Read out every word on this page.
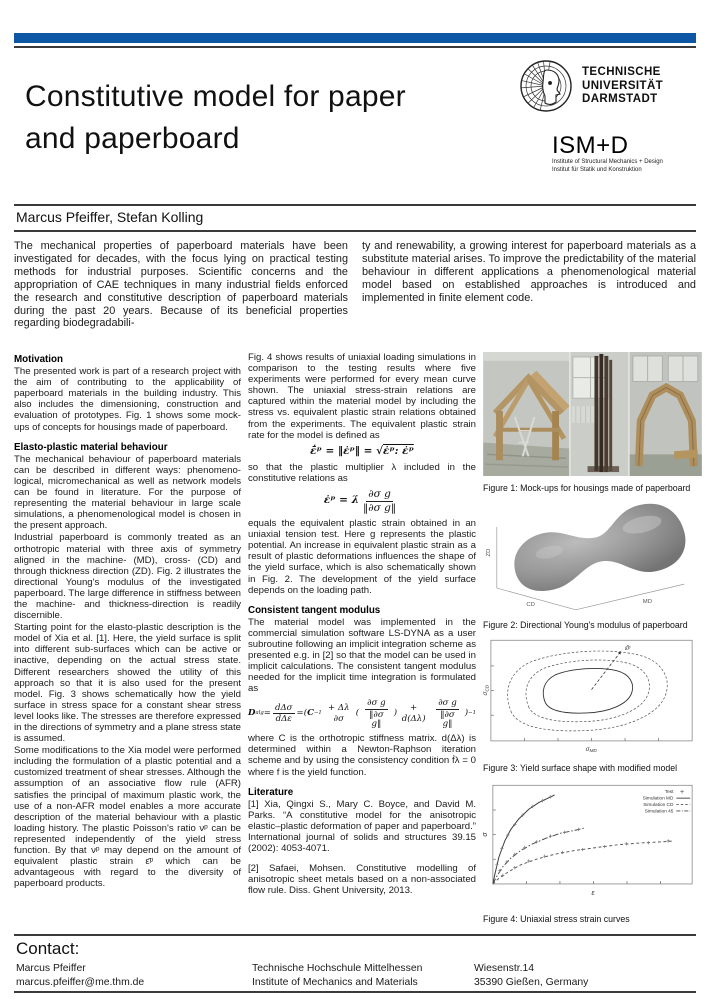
Constitutive model for paper
and paperboard
TECHNISCHE
UNIVERSITÄT
DARMSTADT
ISM+D
Institute of Structural Mechanics + Design
Institut für Statik und Konstruktion
Marcus Pfeiffer, Stefan Kolling

The mechanical properties of paperboard materials have been investigated for decades, with the focus lying on practical testing methods for industrial purposes. Scientific concerns and the appropriation of CAE techniques in many industrial fields enforced the research and constitutive description of paperboard materials during the past 20 years. Because of its beneficial properties regarding biodegradabili-

ty and renewability, a growing interest for paperboard materials as a substitute material arises. To improve the predictability of the material behaviour in different applications a phenomenological material model based on established approaches is introduced and implemented in finite element code.

Motivation

The presented work is part of a research project with the aim of contributing to the applicability of paperboard materials in the building industry. This also includes the dimensioning, construction and evaluation of prototypes. Fig. 1 shows some mock-ups of concepts for housings made of paperboard.

Elasto-plastic material behaviour

The mechanical behaviour of paperboard materials can be described in different ways: phenomeno-logical, micromechanical as well as network models can be found in literature. For the purpose of representing the material behaviour in large scale simulations, a phenomenological model is chosen in the present approach.

Industrial paperboard is commonly treated as an orthotropic material with three axis of symmetry aligned in the machine- (MD), cross- (CD) and through thickness direction (ZD). Fig. 2 illustrates the directional Young's modulus of the investigated paperboard. The large difference in stiffness between the machine- and thickness-direction is readily discernible.

Starting point for the elasto-plastic description is the model of Xia et al. [1]. Here, the yield surface is split into different sub-surfaces which can be active or inactive, depending on the actual stress state. Different researchers showed the utility of this approach so that it is also used for the present model. Fig. 3 shows schematically how the yield surface in stress space for a constant shear stress level looks like. The stresses are therefore expressed in the directions of symmetry and a plane stress state is assumed.

Some modifications to the Xia model were performed including the formulation of a plastic potential and a customized treatment of shear stresses. Although the assumption of an associative flow rule (AFR) satisfies the principal of maximum plastic work, the use of a non-AFR model enables a more accurate description of the material behaviour with a plastic loading history. The plastic Poisson's ratio νᵖ can be represented independently of the yield stress function. By that νᵖ may depend on the amount of equivalent plastic strain ε̄ᵖ which can be advantageous with regard to the diversity of paperboard products.

Fig. 4 shows results of uniaxial loading simulations in comparison to the testing results where five experiments were performed for every mean curve shown. The uniaxial stress-strain relations are captured within the material model by including the stress vs. equivalent plastic strain relations obtained from the experiments. The equivalent plastic strain rate for the model is defined as

ε̄̇ᵖ = ‖ε̇ᵖ‖ = √ ε̇ᵖ: ε̇ᵖ

so that the plastic multiplier λ included in the constitutive relations as

ε̇ᵖ = λ̇ $\frac{\text{∂σ g}}{\text{‖∂σ g‖}}$

equals the equivalent plastic strain obtained in an uniaxial tension test. Here g represents the plastic potential. An increase in equivalent plastic strain as a result of plastic deformations influences the shape of the yield surface, which is also schematically shown in Fig. 2. The development of the yield surface depends on the loading path.

Consistent tangent modulus

The material model was implemented in the commercial simulation software LS-DYNA as a user subroutine following an implicit integration scheme as presented e.g. in [2] so that the model can be used in implicit calculations. The consistent tangent modulus needed for the implicit time integration is formulated as

D $alg = \frac{\text{dΔσ}}{\text{dΔε}}$ = ( C −1
+ Δλ ∂σ
( $\frac{\text{∂σ g}}{\text{‖∂σ g‖}}$ )
+ $d(\Delta\lambda) \frac{\text{∂σ g}}{\text{‖∂σ g‖}}$ ) −1

where C is the orthotropic stiffness matrix. d(Δλ) is determined within a Newton-Raphson iteration scheme and by using the consistency condition ḟλ = 0 where f is the yield function.

Literature

[1] Xia, Qingxi S., Mary C. Boyce, and David M. Parks. “A constitutive model for the anisotropic elastic–plastic deformation of paper and paperboard.” International journal of solids and structures 39.15 (2002): 4053-4071.

[2] Safaei, Mohsen. Constitutive modelling of anisotropic sheet metals based on a non-associated flow rule. Diss. Ghent University, 2013.

Figure 1: Mock-ups for housings made of paperboard
CD	MD
ZD
Figure 2: Directional Young's modulus of paperboard
ε̄ᵖ
$\sigma_{MD}$
$\sigma_{CD}$
Figure 3: Yield surface shape with modified model
Test
Simulation MD
Simulation CD
Simulation 45
ε
σ
Figure 4: Uniaxial stress strain curves
Contact:
Marcus Pfeiffer
marcus.pfeiffer@me.thm.de
Technische Hochschule Mittelhessen
Institute of Mechanics and Materials
Wiesenstr.14
35390 Gießen, Germany
